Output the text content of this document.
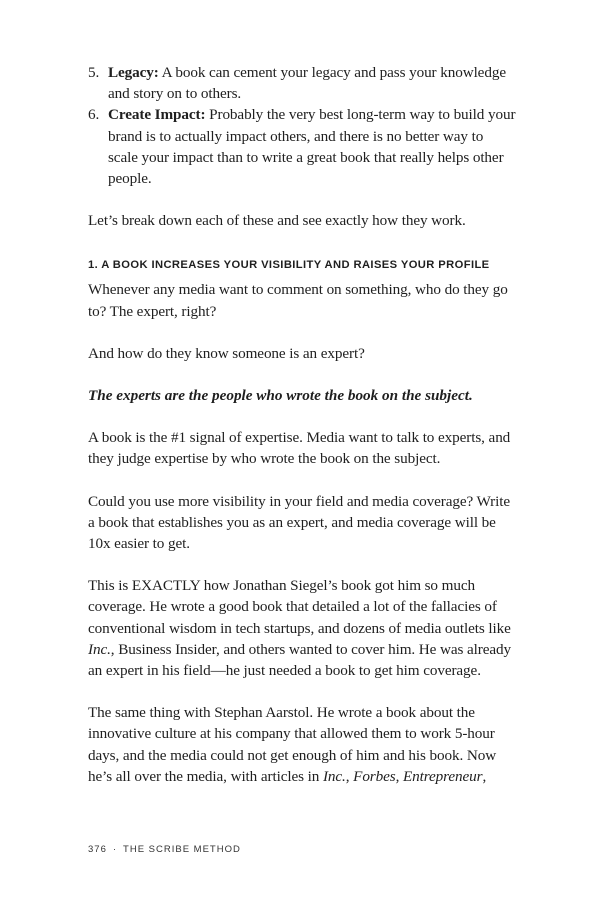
5. Legacy: A book can cement your legacy and pass your knowledge and story on to others.
6. Create Impact: Probably the very best long-term way to build your brand is to actually impact others, and there is no better way to scale your impact than to write a great book that really helps other people.

Let’s break down each of these and see exactly how they work.

1. A BOOK INCREASES YOUR VISIBILITY AND RAISES YOUR PROFILE

Whenever any media want to comment on something, who do they go to? The expert, right?

And how do they know someone is an expert?

The experts are the people who wrote the book on the subject.

A book is the #1 signal of expertise. Media want to talk to experts, and they judge expertise by who wrote the book on the subject.

Could you use more visibility in your field and media coverage? Write a book that establishes you as an expert, and media coverage will be 10x easier to get.

This is EXACTLY how Jonathan Siegel’s book got him so much coverage. He wrote a good book that detailed a lot of the fallacies of conventional wisdom in tech startups, and dozens of media outlets like Inc., Business Insider, and others wanted to cover him. He was already an expert in his field—he just needed a book to get him coverage.

The same thing with Stephan Aarstol. He wrote a book about the innovative culture at his company that allowed them to work 5-hour days, and the media could not get enough of him and his book. Now he’s all over the media, with articles in Inc., Forbes, Entrepreneur,

376 · THE SCRIBE METHOD
